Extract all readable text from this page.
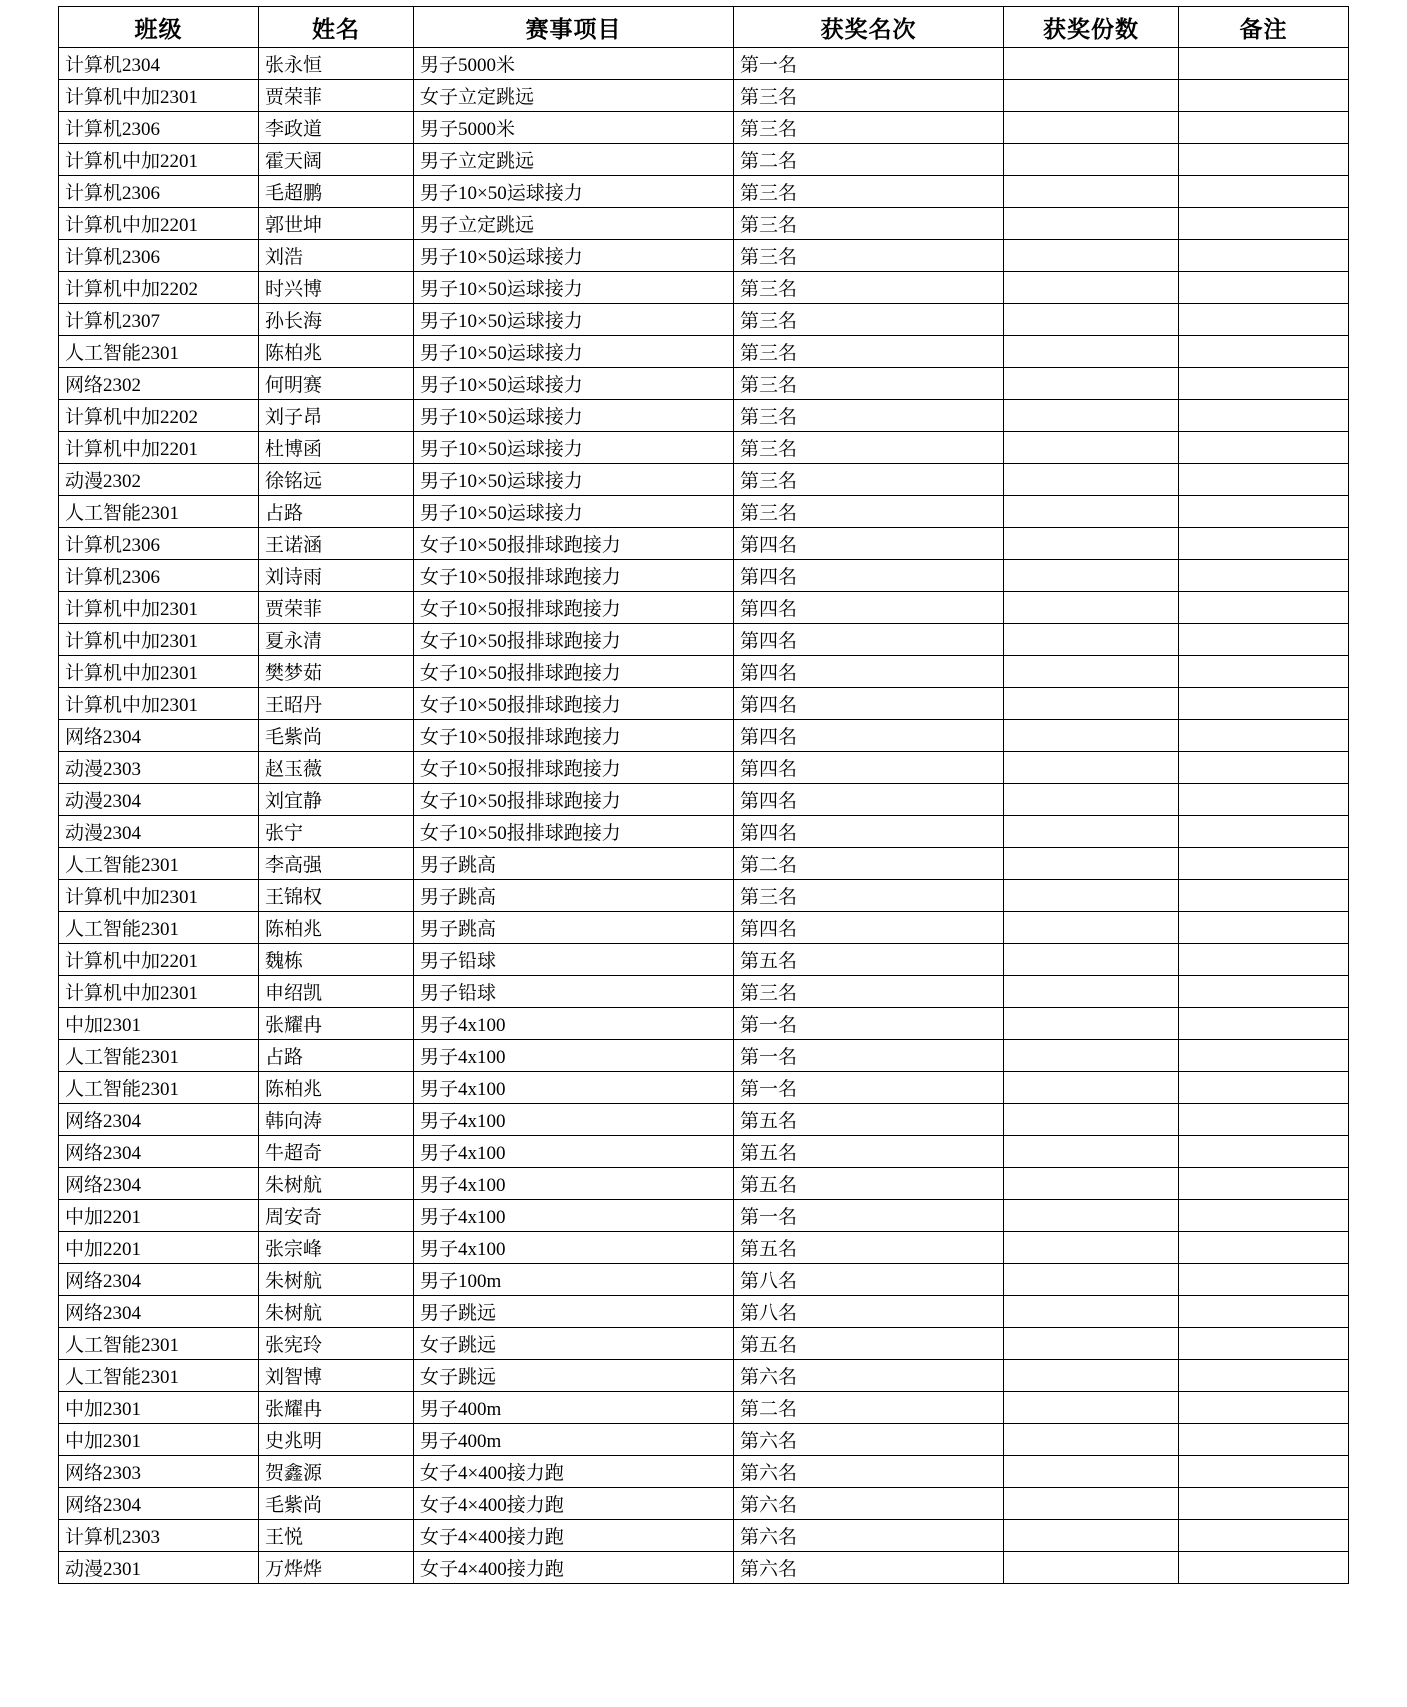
班级	姓名	赛事项目	获奖名次	获奖份数	备注
计算机2304	张永恒	男子5000米	第一名		
计算机中加2301	贾荣菲	女子立定跳远	第三名		
计算机2306	李政道	男子5000米	第三名		
计算机中加2201	霍天阔	男子立定跳远	第二名		
计算机2306	毛超鹏	男子10×50运球接力	第三名		
计算机中加2201	郭世坤	男子立定跳远	第三名		
计算机2306	刘浩	男子10×50运球接力	第三名		
计算机中加2202	时兴博	男子10×50运球接力	第三名		
计算机2307	孙长海	男子10×50运球接力	第三名		
人工智能2301	陈柏兆	男子10×50运球接力	第三名		
网络2302	何明赛	男子10×50运球接力	第三名		
计算机中加2202	刘子昂	男子10×50运球接力	第三名		
计算机中加2201	杜博函	男子10×50运球接力	第三名		
动漫2302	徐铭远	男子10×50运球接力	第三名		
人工智能2301	占路	男子10×50运球接力	第三名		
计算机2306	王诺涵	女子10×50报排球跑接力	第四名		
计算机2306	刘诗雨	女子10×50报排球跑接力	第四名		
计算机中加2301	贾荣菲	女子10×50报排球跑接力	第四名		
计算机中加2301	夏永清	女子10×50报排球跑接力	第四名		
计算机中加2301	樊梦茹	女子10×50报排球跑接力	第四名		
计算机中加2301	王昭丹	女子10×50报排球跑接力	第四名		
网络2304	毛紫尚	女子10×50报排球跑接力	第四名		
动漫2303	赵玉薇	女子10×50报排球跑接力	第四名		
动漫2304	刘宜静	女子10×50报排球跑接力	第四名		
动漫2304	张宁	女子10×50报排球跑接力	第四名		
人工智能2301	李高强	男子跳高	第二名		
计算机中加2301	王锦权	男子跳高	第三名		
人工智能2301	陈柏兆	男子跳高	第四名		
计算机中加2201	魏栋	男子铅球	第五名		
计算机中加2301	申绍凯	男子铅球	第三名		
中加2301	张耀冉	男子4x100	第一名		
人工智能2301	占路	男子4x100	第一名		
人工智能2301	陈柏兆	男子4x100	第一名		
网络2304	韩向涛	男子4x100	第五名		
网络2304	牛超奇	男子4x100	第五名		
网络2304	朱树航	男子4x100	第五名		
中加2201	周安奇	男子4x100	第一名		
中加2201	张宗峰	男子4x100	第五名		
网络2304	朱树航	男子100m	第八名		
网络2304	朱树航	男子跳远	第八名		
人工智能2301	张宪玲	女子跳远	第五名		
人工智能2301	刘智博	女子跳远	第六名		
中加2301	张耀冉	男子400m	第二名		
中加2301	史兆明	男子400m	第六名		
网络2303	贺鑫源	女子4×400接力跑	第六名		
网络2304	毛紫尚	女子4×400接力跑	第六名		
计算机2303	王悦	女子4×400接力跑	第六名		
动漫2301	万烨烨	女子4×400接力跑	第六名		
